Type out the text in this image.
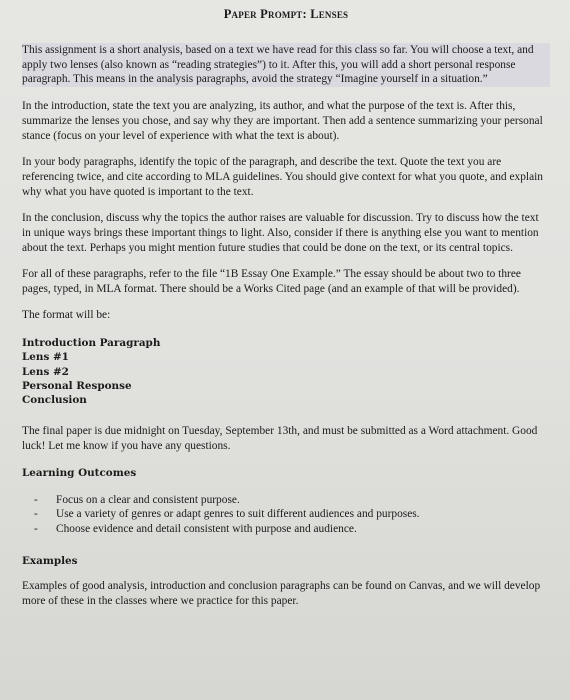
Paper Prompt: Lenses

This assignment is a short analysis, based on a text we have read for this class so far. You will choose a text, and apply two lenses (also known as “reading strategies”) to it. After this, you will add a short personal response paragraph. This means in the analysis paragraphs, avoid the strategy “Imagine yourself in a situation.”

In the introduction, state the text you are analyzing, its author, and what the purpose of the text is. After this, summarize the lenses you chose, and say why they are important. Then add a sentence summarizing your personal stance (focus on your level of experience with what the text is about).

In your body paragraphs, identify the topic of the paragraph, and describe the text. Quote the text you are referencing twice, and cite according to MLA guidelines. You should give context for what you quote, and explain why what you have quoted is important to the text.

In the conclusion, discuss why the topics the author raises are valuable for discussion. Try to discuss how the text in unique ways brings these important things to light. Also, consider if there is anything else you want to mention about the text. Perhaps you might mention future studies that could be done on the text, or its central topics.

For all of these paragraphs, refer to the file “1B Essay One Example.” The essay should be about two to three pages, typed, in MLA format. There should be a Works Cited page (and an example of that will be provided).

The format will be:
Introduction Paragraph
Lens #1
Lens #2
Personal Response
Conclusion

The final paper is due midnight on Tuesday, September 13th, and must be submitted as a Word attachment. Good luck! Let me know if you have any questions.

Learning Outcomes
- Focus on a clear and consistent purpose.
- Use a variety of genres or adapt genres to suit different audiences and purposes.
- Choose evidence and detail consistent with purpose and audience.
Examples

Examples of good analysis, introduction and conclusion paragraphs can be found on Canvas, and we will develop more of these in the classes where we practice for this paper.
